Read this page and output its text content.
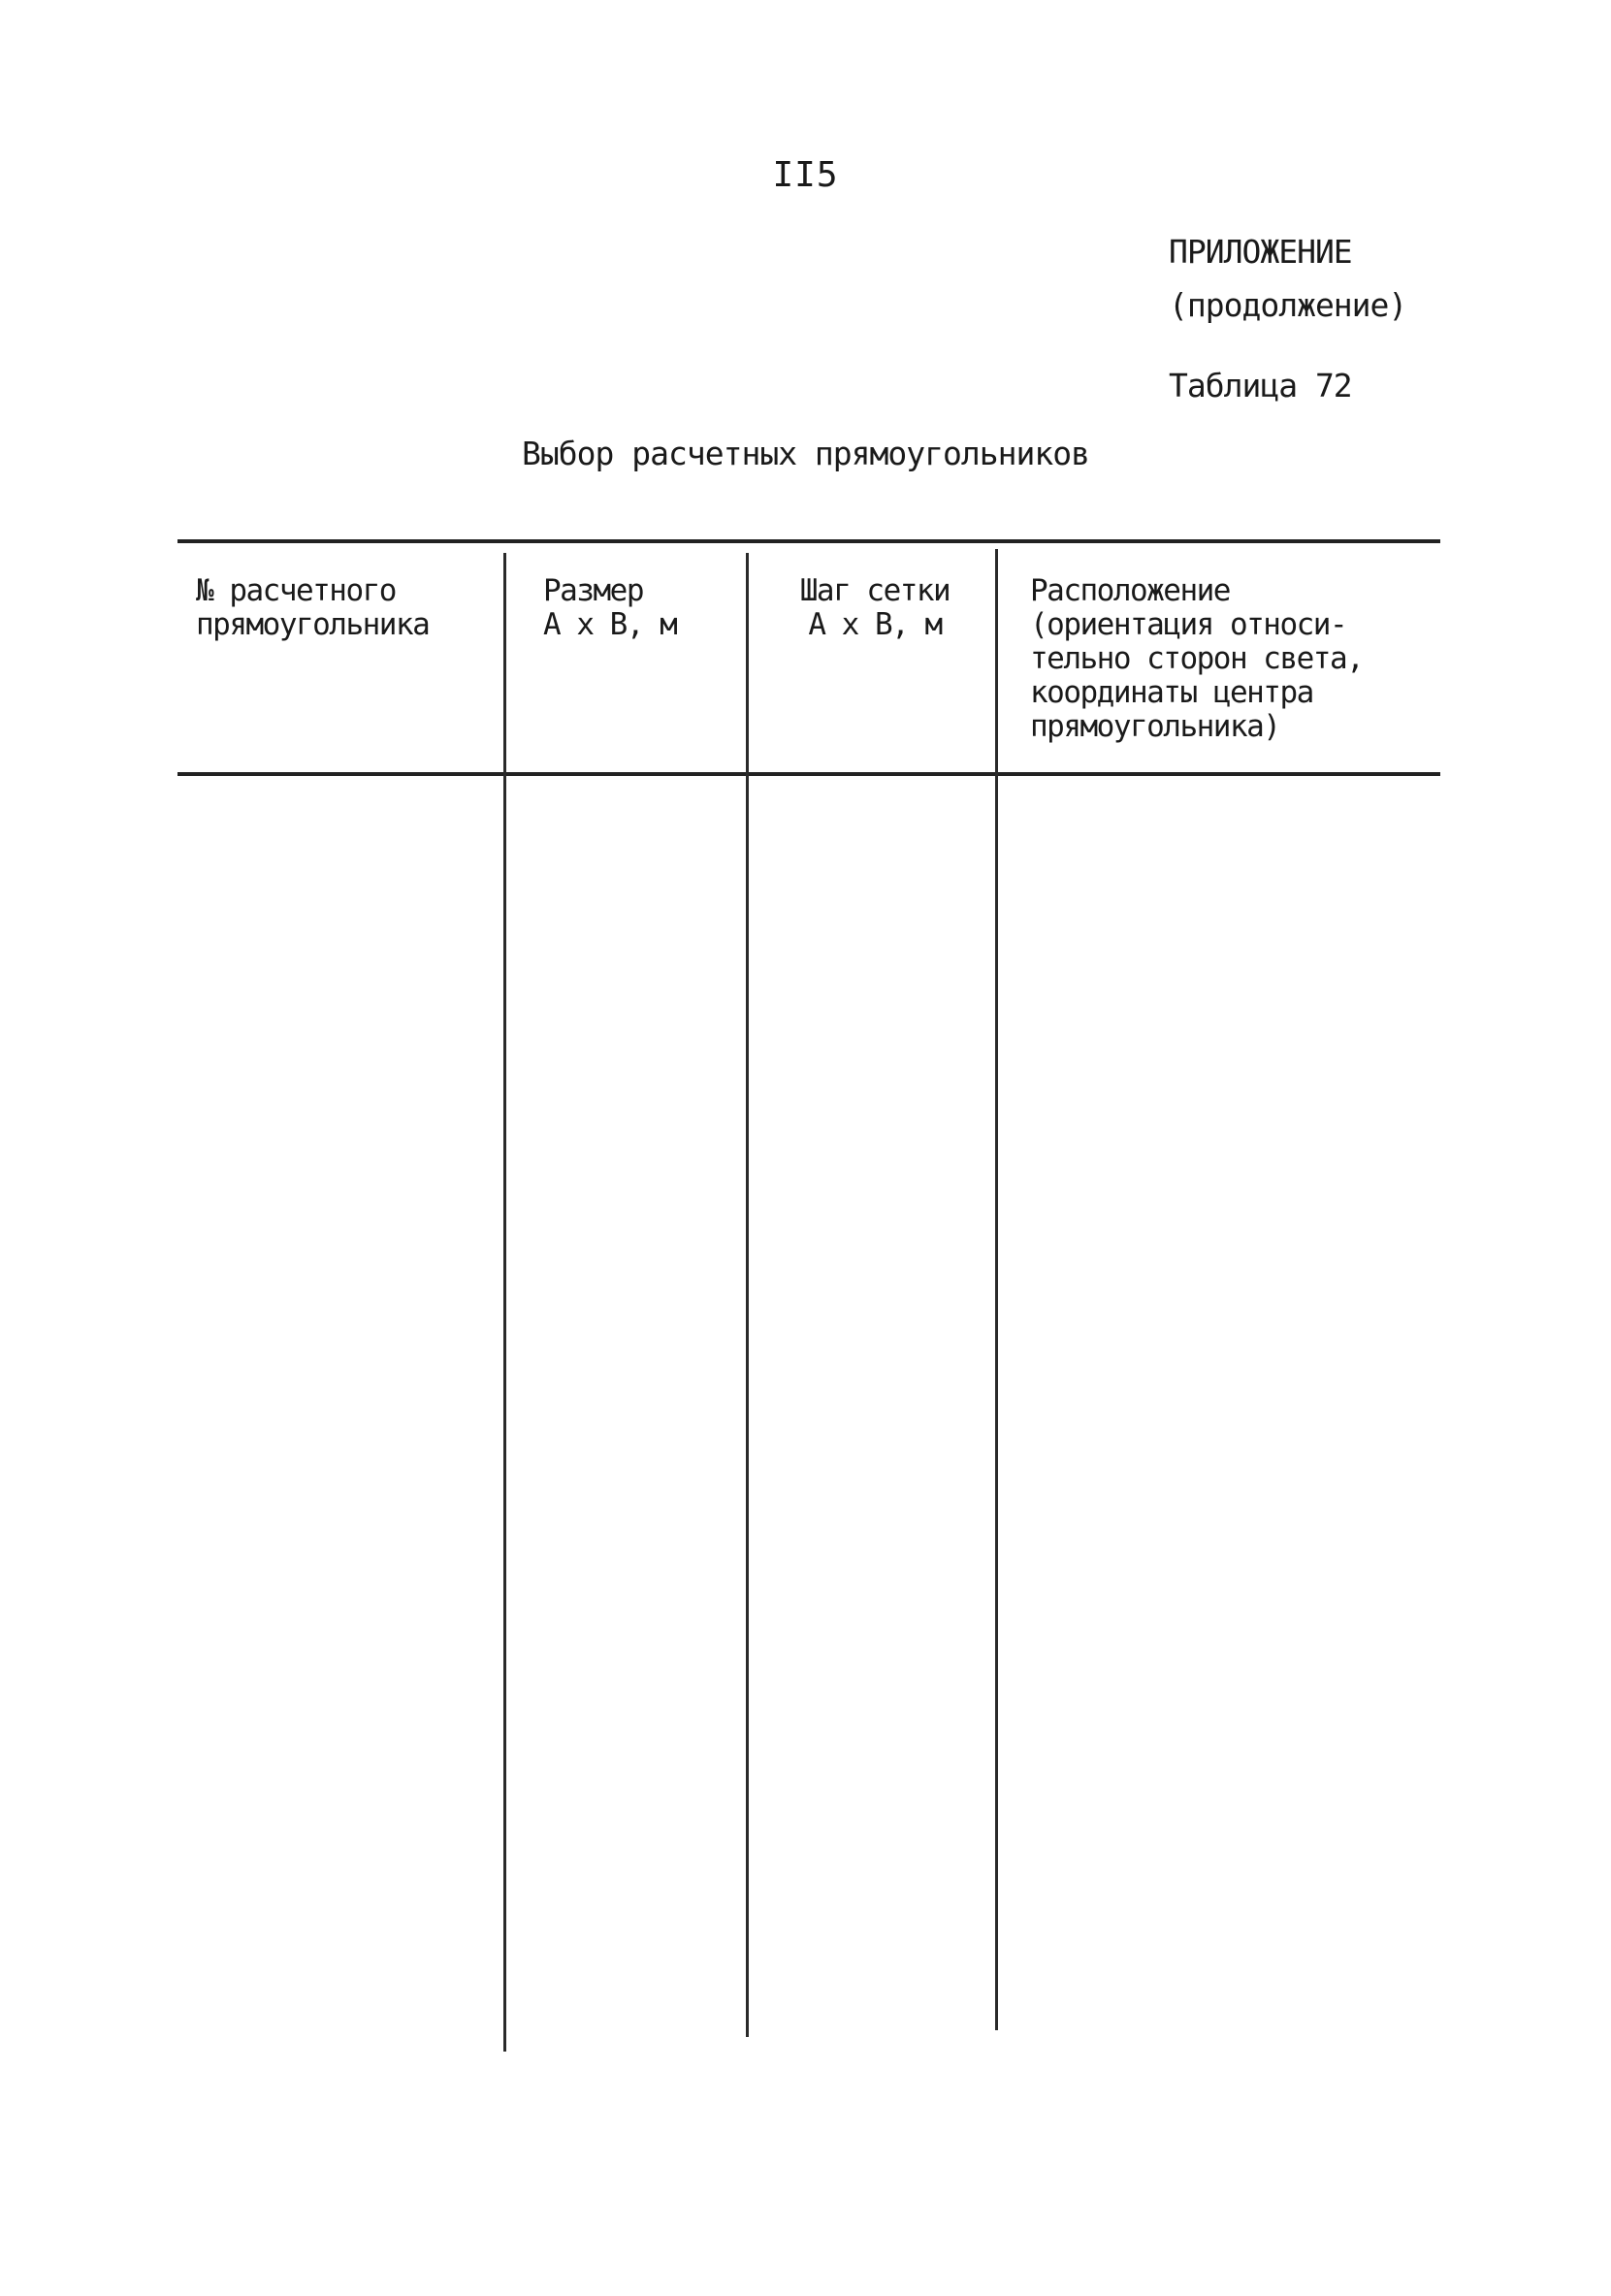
II5
ПРИЛОЖЕНИЕ
(продолжение)
Таблица 72
Выбор расчетных прямоугольников
№ расчетного
прямоугольника
Размер
А х В, м
Шаг сетки
А х В, м
Расположение
(ориентация относи-
тельно сторон света,
координаты центра
прямоугольника)
